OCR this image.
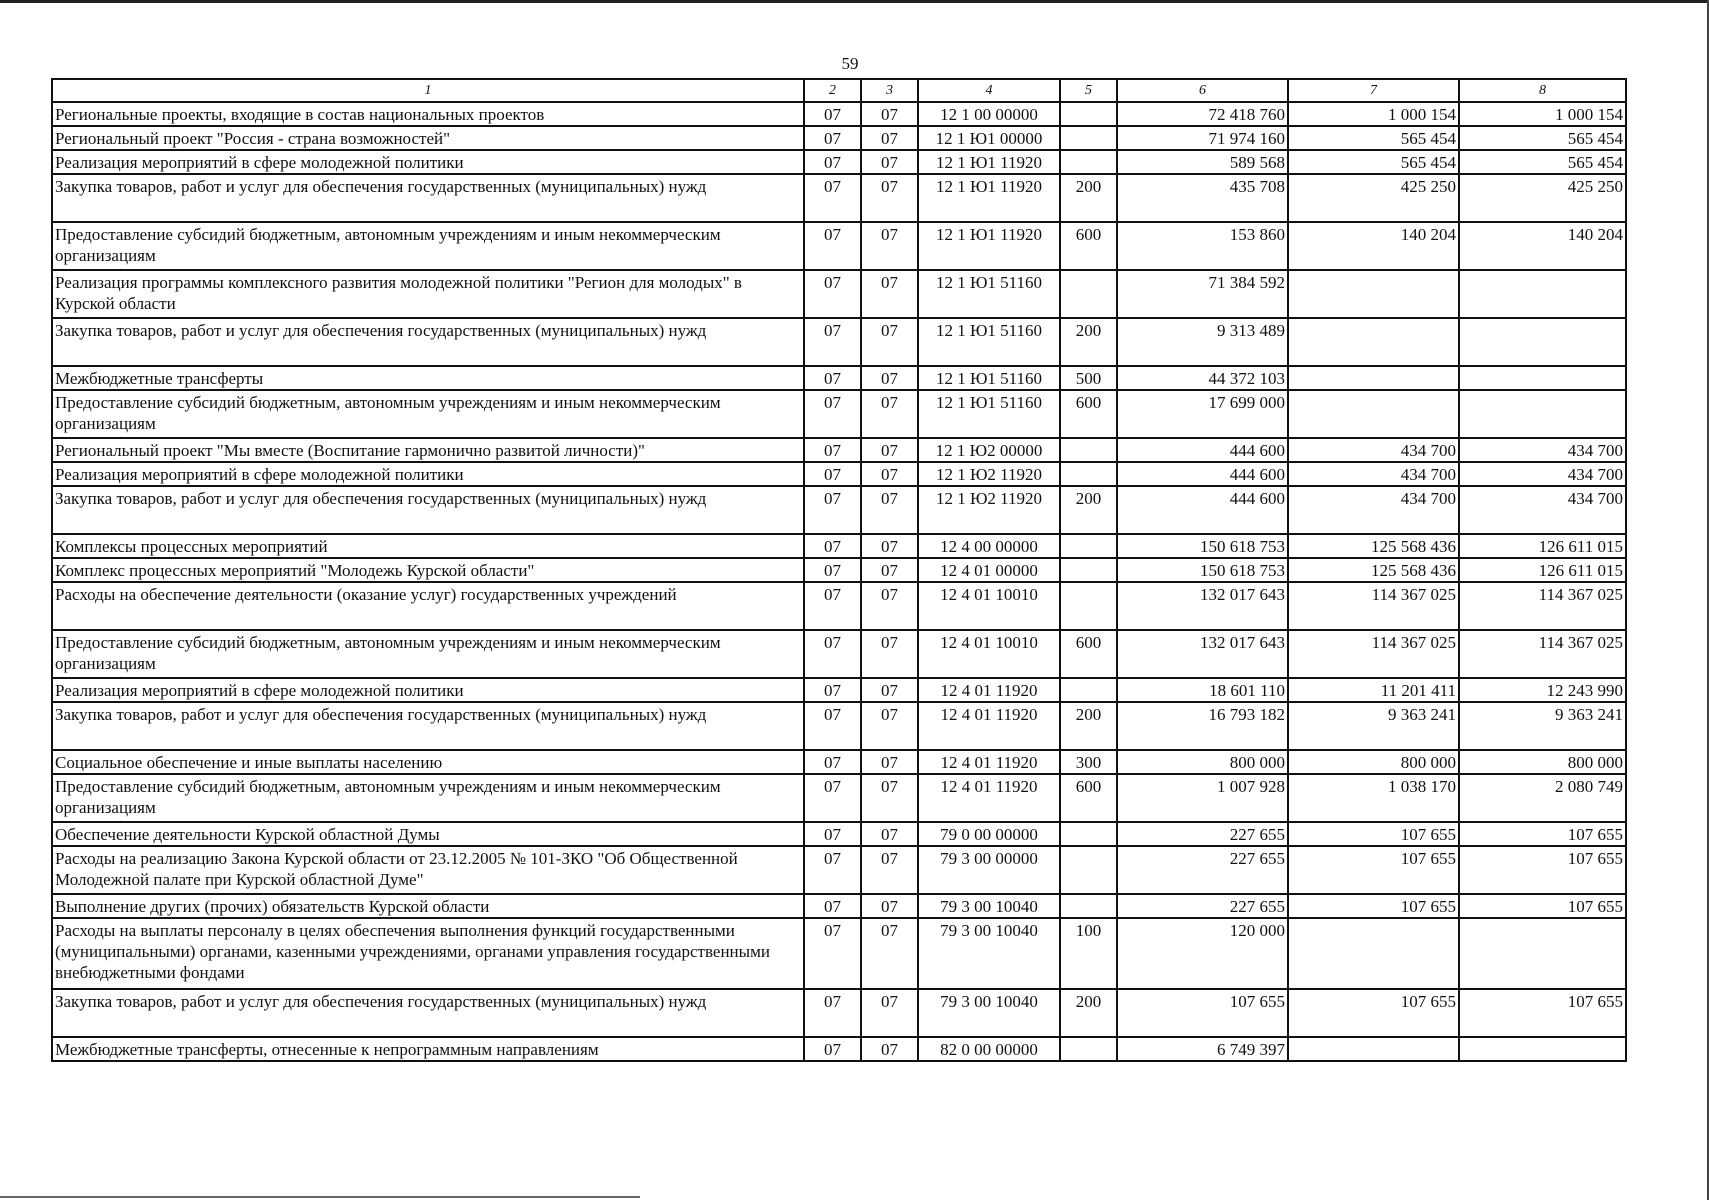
59
1	2	3	4	5	6	7	8
Региональные проекты, входящие в состав национальных проектов	07	07	12 1 00 00000		72 418 760	1 000 154	1 000 154
Региональный проект "Россия - страна возможностей"	07	07	12 1 Ю1 00000		71 974 160	565 454	565 454
Реализация мероприятий в сфере молодежной политики	07	07	12 1 Ю1 11920		589 568	565 454	565 454
Закупка товаров, работ и услуг для обеспечения государственных (муниципальных) нужд	07	07	12 1 Ю1 11920	200	435 708	425 250	425 250
Предоставление субсидий бюджетным, автономным учреждениям и иным некоммерческим организациям	07	07	12 1 Ю1 11920	600	153 860	140 204	140 204
Реализация программы комплексного развития молодежной политики "Регион для молодых" в Курской области	07	07	12 1 Ю1 51160		71 384 592		
Закупка товаров, работ и услуг для обеспечения государственных (муниципальных) нужд	07	07	12 1 Ю1 51160	200	9 313 489		
Межбюджетные трансферты	07	07	12 1 Ю1 51160	500	44 372 103		
Предоставление субсидий бюджетным, автономным учреждениям и иным некоммерческим организациям	07	07	12 1 Ю1 51160	600	17 699 000		
Региональный проект "Мы вместе (Воспитание гармонично развитой личности)"	07	07	12 1 Ю2 00000		444 600	434 700	434 700
Реализация мероприятий в сфере молодежной политики	07	07	12 1 Ю2 11920		444 600	434 700	434 700
Закупка товаров, работ и услуг для обеспечения государственных (муниципальных) нужд	07	07	12 1 Ю2 11920	200	444 600	434 700	434 700
Комплексы процессных мероприятий	07	07	12 4 00 00000		150 618 753	125 568 436	126 611 015
Комплекс процессных мероприятий "Молодежь Курской области"	07	07	12 4 01 00000		150 618 753	125 568 436	126 611 015
Расходы на обеспечение деятельности (оказание услуг) государственных учреждений	07	07	12 4 01 10010		132 017 643	114 367 025	114 367 025
Предоставление субсидий бюджетным, автономным учреждениям и иным некоммерческим организациям	07	07	12 4 01 10010	600	132 017 643	114 367 025	114 367 025
Реализация мероприятий в сфере молодежной политики	07	07	12 4 01 11920		18 601 110	11 201 411	12 243 990
Закупка товаров, работ и услуг для обеспечения государственных (муниципальных) нужд	07	07	12 4 01 11920	200	16 793 182	9 363 241	9 363 241
Социальное обеспечение и иные выплаты населению	07	07	12 4 01 11920	300	800 000	800 000	800 000
Предоставление субсидий бюджетным, автономным учреждениям и иным некоммерческим организациям	07	07	12 4 01 11920	600	1 007 928	1 038 170	2 080 749
Обеспечение деятельности Курской областной Думы	07	07	79 0 00 00000		227 655	107 655	107 655
Расходы на реализацию Закона Курской области от 23.12.2005 № 101-ЗКО "Об Общественной Молодежной палате при Курской областной Думе"	07	07	79 3 00 00000		227 655	107 655	107 655
Выполнение других (прочих) обязательств Курской области	07	07	79 3 00 10040		227 655	107 655	107 655
Расходы на выплаты персоналу в целях обеспечения выполнения функций государственными (муниципальными) органами, казенными учреждениями, органами управления государственными внебюджетными фондами	07	07	79 3 00 10040	100	120 000		
Закупка товаров, работ и услуг для обеспечения государственных (муниципальных) нужд	07	07	79 3 00 10040	200	107 655	107 655	107 655
Межбюджетные трансферты, отнесенные к непрограммным направлениям	07	07	82 0 00 00000		6 749 397		
